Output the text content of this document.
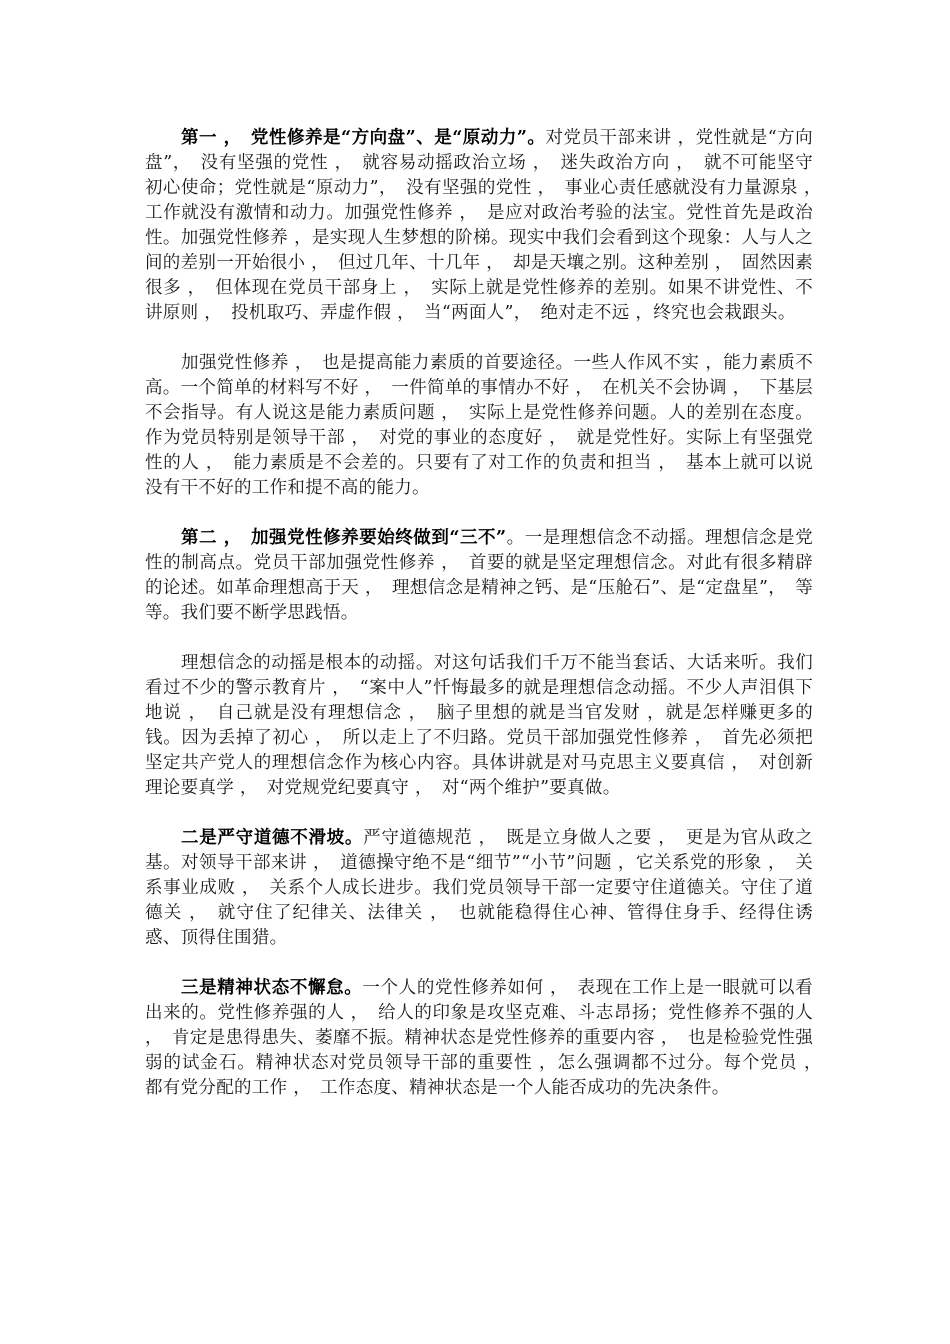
第一 ，　党性修养是“方向盘”、是“原动力”。对党员干部来讲 ，党性就是“方向盘”，　没有坚强的党性 ，　就容易动摇政治立场 ，　迷失政治方向 ，　就不可能坚守初心使命；党性就是“原动力”，　没有坚强的党性 ，　事业心责任感就没有力量源泉 ，　工作就没有激情和动力。加强党性修养 ，　是应对政治考验的法宝。党性首先是政治性。加强党性修养 ，是实现人生梦想的阶梯。现实中我们会看到这个现象：人与人之间的差别一开始很小 ，　但过几年、十几年 ，　却是天壤之别。这种差别 ，　固然因素很多 ，　但体现在党员干部身上 ，　实际上就是党性修养的差别。如果不讲党性、不讲原则 ，　投机取巧、弄虚作假 ，　当“两面人”，　绝对走不远 ，终究也会栽跟头。

加强党性修养 ，　也是提高能力素质的首要途径。一些人作风不实 ，能力素质不高。一个简单的材料写不好 ，　一件简单的事情办不好 ，　在机关不会协调 ，　下基层不会指导。有人说这是能力素质问题 ，　实际上是党性修养问题。人的差别在态度。作为党员特别是领导干部 ，　对党的事业的态度好 ，　就是党性好。实际上有坚强党性的人 ，　能力素质是不会差的。只要有了对工作的负责和担当 ，　基本上就可以说没有干不好的工作和提不高的能力。

第二 ，　加强党性修养要始终做到“三不”。一是理想信念不动摇。理想信念是党性的制高点。党员干部加强党性修养 ，　首要的就是坚定理想信念。对此有很多精辟的论述。如革命理想高于天 ，　理想信念是精神之钙、是“压舱石”、是“定盘星”，　等等。我们要不断学思践悟。

理想信念的动摇是根本的动摇。对这句话我们千万不能当套话、大话来听。我们看过不少的警示教育片 ，　“案中人”忏悔最多的就是理想信念动摇。不少人声泪俱下地说 ，　自己就是没有理想信念 ，　脑子里想的就是当官发财 ，就是怎样赚更多的钱。因为丢掉了初心 ，　所以走上了不归路。党员干部加强党性修养 ，　首先必须把坚定共产党人的理想信念作为核心内容。具体讲就是对马克思主义要真信 ，　对创新理论要真学 ，　对党规党纪要真守 ，　对“两个维护”要真做。

二是严守道德不滑坡。严守道德规范 ，　既是立身做人之要 ，　更是为官从政之基。对领导干部来讲 ，　道德操守绝不是“细节”“小节”问题 ，它关系党的形象 ，　关系事业成败 ，　关系个人成长进步。我们党员领导干部一定要守住道德关。守住了道德关 ，　就守住了纪律关、法律关 ，　也就能稳得住心神、管得住身手、经得住诱惑、顶得住围猎。

三是精神状态不懈怠。一个人的党性修养如何 ，　表现在工作上是一眼就可以看出来的。党性修养强的人 ，　给人的印象是攻坚克难、斗志昂扬；党性修养不强的人 ，　肯定是患得患失、萎靡不振。精神状态是党性修养的重要内容 ，　也是检验党性强弱的试金石。精神状态对党员领导干部的重要性 ，怎么强调都不过分。每个党员 ，　都有党分配的工作 ，　工作态度、精神状态是一个人能否成功的先决条件。
